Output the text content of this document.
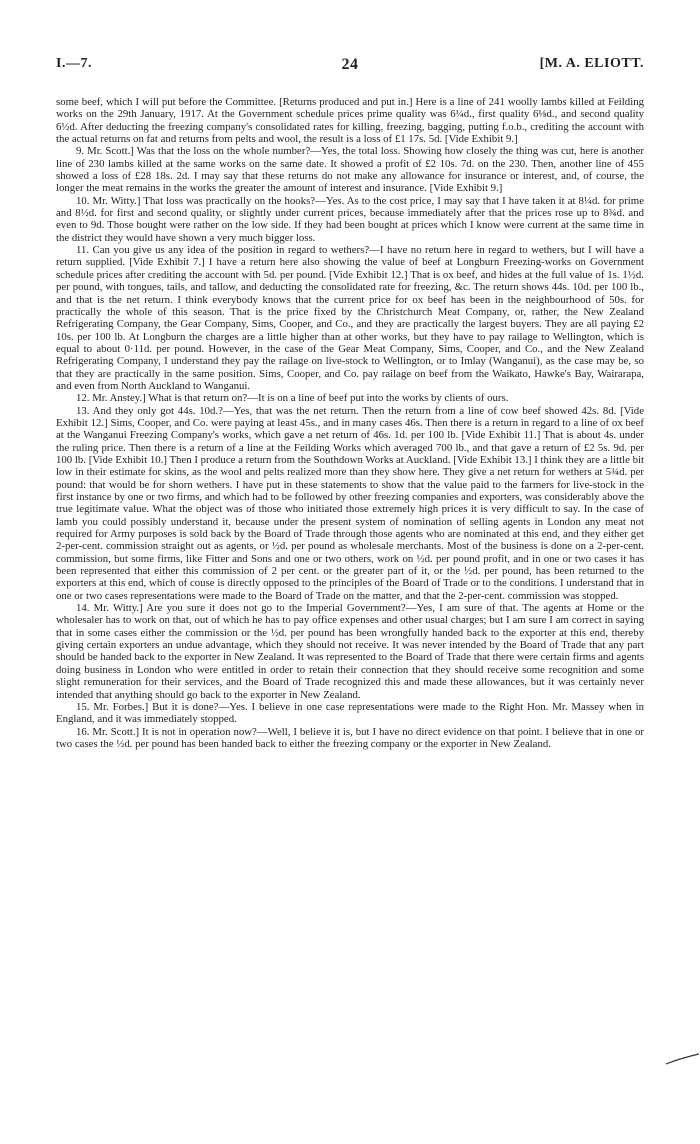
I.—7.	24	[M. A. ELIOTT.

some beef, which I will put before the Committee. [Returns produced and put in.] Here is a line of 241 woolly lambs killed at Feilding works on the 29th January, 1917. At the Government schedule prices prime quality was 6¼d., first quality 6⅛d., and second quality 6½d. After deducting the freezing company's consolidated rates for killing, freezing, bagging, putting f.o.b., crediting the account with the actual returns on fat and returns from pelts and wool, the result is a loss of £1 17s. 5d. [Vide Exhibit 9.]

9. Mr. Scott.] Was that the loss on the whole number?—Yes, the total loss. Showing how closely the thing was cut, here is another line of 230 lambs killed at the same works on the same date. It showed a profit of £2 10s. 7d. on the 230. Then, another line of 455 showed a loss of £28 18s. 2d. I may say that these returns do not make any allowance for insurance or interest, and, of course, the longer the meat remains in the works the greater the amount of interest and insurance. [Vide Exhibit 9.]

10. Mr. Witty.] That loss was practically on the hooks?—Yes. As to the cost price, I may say that I have taken it at 8¼d. for prime and 8½d. for first and second quality, or slightly under current prices, because immediately after that the prices rose up to 8¾d. and even to 9d. Those bought were rather on the low side. If they had been bought at prices which I know were current at the same time in the district they would have shown a very much bigger loss.

11. Can you give us any idea of the position in regard to wethers?—I have no return here in regard to wethers, but I will have a return supplied. [Vide Exhibit 7.] I have a return here also showing the value of beef at Longburn Freezing-works on Government schedule prices after crediting the account with 5d. per pound. [Vide Exhibit 12.] That is ox beef, and hides at the full value of 1s. 1½d. per pound, with tongues, tails, and tallow, and deducting the consolidated rate for freezing, &c. The return shows 44s. 10d. per 100 lb., and that is the net return. I think everybody knows that the current price for ox beef has been in the neighbourhood of 50s. for practically the whole of this season. That is the price fixed by the Christchurch Meat Company, or, rather, the New Zealand Refrigerating Company, the Gear Company, Sims, Cooper, and Co., and they are practically the largest buyers. They are all paying £2 10s. per 100 lb. At Longburn the charges are a little higher than at other works, but they have to pay railage to Wellington, which is equal to about 0·11d. per pound. However, in the case of the Gear Meat Company, Sims, Cooper, and Co., and the New Zealand Refrigerating Company, I understand they pay the railage on live-stock to Wellington, or to Imlay (Wanganui), as the case may be, so that they are practically in the same position. Sims, Cooper, and Co. pay railage on beef from the Waikato, Hawke's Bay, Wairarapa, and even from North Auckland to Wanganui.

12. Mr. Anstey.] What is that return on?—It is on a line of beef put into the works by clients of ours.

13. And they only got 44s. 10d.?—Yes, that was the net return. Then the return from a line of cow beef showed 42s. 8d. [Vide Exhibit 12.] Sims, Cooper, and Co. were paying at least 45s., and in many cases 46s. Then there is a return in regard to a line of ox beef at the Wanganui Freezing Company's works, which gave a net return of 46s. 1d. per 100 lb. [Vide Exhibit 11.] That is about 4s. under the ruling price. Then there is a return of a line at the Feilding Works which averaged 700 lb., and that gave a return of £2 5s. 9d. per 100 lb. [Vide Exhibit 10.] Then I produce a return from the Southdown Works at Auckland. [Vide Exhibit 13.] I think they are a little bit low in their estimate for skins, as the wool and pelts realized more than they show here. They give a net return for wethers at 5¾d. per pound: that would be for shorn wethers. I have put in these statements to show that the value paid to the farmers for live-stock in the first instance by one or two firms, and which had to be followed by other freezing companies and exporters, was considerably above the true legitimate value. What the object was of those who initiated those extremely high prices it is very difficult to say. In the case of lamb you could possibly understand it, because under the present system of nomination of selling agents in London any meat not required for Army purposes is sold back by the Board of Trade through those agents who are nominated at this end, and they either get 2-per-cent. commission straight out as agents, or ½d. per pound as wholesale merchants. Most of the business is done on a 2-per-cent. commission, but some firms, like Fitter and Sons and one or two others, work on ½d. per pound profit, and in one or two cases it has been represented that either this commission of 2 per cent. or the greater part of it, or the ½d. per pound, has been returned to the exporters at this end, which of couse is directly opposed to the principles of the Board of Trade or to the conditions. I understand that in one or two cases representations were made to the Board of Trade on the matter, and that the 2-per-cent. commission was stopped.

14. Mr. Witty.] Are you sure it does not go to the Imperial Government?—Yes, I am sure of that. The agents at Home or the wholesaler has to work on that, out of which he has to pay office expenses and other usual charges; but I am sure I am correct in saying that in some cases either the commission or the ½d. per pound has been wrongfully handed back to the exporter at this end, thereby giving certain exporters an undue advantage, which they should not receive. It was never intended by the Board of Trade that any part should be handed back to the exporter in New Zealand. It was represented to the Board of Trade that there were certain firms and agents doing business in London who were entitled in order to retain their connection that they should receive some recognition and some slight remuneration for their services, and the Board of Trade recognized this and made these allowances, but it was certainly never intended that anything should go back to the exporter in New Zealand.

15. Mr. Forbes.] But it is done?—Yes. I believe in one case representations were made to the Right Hon. Mr. Massey when in England, and it was immediately stopped.

16. Mr. Scott.] It is not in operation now?—Well, I believe it is, but I have no direct evidence on that point. I believe that in one or two cases the ½d. per pound has been handed back to either the freezing company or the exporter in New Zealand.
